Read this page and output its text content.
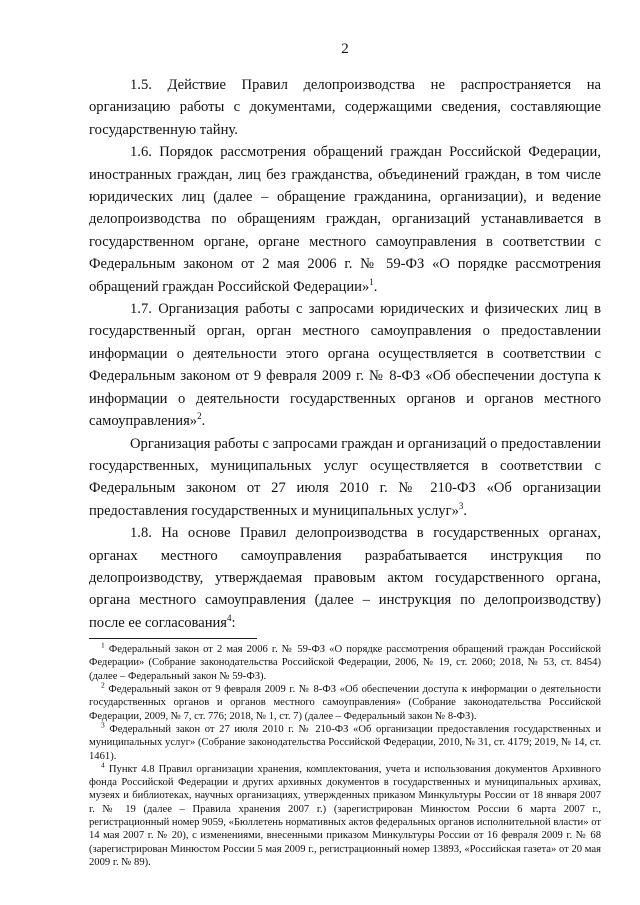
2

1.5. Действие Правил делопроизводства не распространяется на организацию работы с документами, содержащими сведения, составляющие государственную тайну.

1.6. Порядок рассмотрения обращений граждан Российской Федерации, иностранных граждан, лиц без гражданства, объединений граждан, в том числе юридических лиц (далее – обращение гражданина, организации), и ведение делопроизводства по обращениям граждан, организаций устанавливается в государственном органе, органе местного самоуправления в соответствии с Федеральным законом от 2 мая 2006 г. № 59-ФЗ «О порядке рассмотрения обращений граждан Российской Федерации»$^1$.

1.7. Организация работы с запросами юридических и физических лиц в государственный орган, орган местного самоуправления о предоставлении информации о деятельности этого органа осуществляется в соответствии с Федеральным законом от 9 февраля 2009 г. № 8-ФЗ «Об обеспечении доступа к информации о деятельности государственных органов и органов местного самоуправления»$^2$.

Организация работы с запросами граждан и организаций о предоставлении государственных, муниципальных услуг осуществляется в соответствии с Федеральным законом от 27 июля 2010 г. № 210-ФЗ «Об организации предоставления государственных и муниципальных услуг»$^3$.

1.8. На основе Правил делопроизводства в государственных органах, органах местного самоуправления разрабатывается инструкция по делопроизводству, утверждаемая правовым актом государственного органа, органа местного самоуправления (далее – инструкция по делопроизводству) после ее согласования$^4$:

$^1$ Федеральный закон от 2 мая 2006 г. № 59-ФЗ «О порядке рассмотрения обращений граждан Российской Федерации» (Собрание законодательства Российской Федерации, 2006, № 19, ст. 2060; 2018, № 53, ст. 8454) (далее – Федеральный закон № 59-ФЗ).

$^2$ Федеральный закон от 9 февраля 2009 г. № 8-ФЗ «Об обеспечении доступа к информации о деятельности государственных органов и органов местного самоуправления» (Собрание законодательства Российской Федерации, 2009, № 7, ст. 776; 2018, № 1, ст. 7) (далее – Федеральный закон № 8-ФЗ).

$^3$ Федеральный закон от 27 июля 2010 г. № 210-ФЗ «Об организации предоставления государственных и муниципальных услуг» (Собрание законодательства Российской Федерации, 2010, № 31, ст. 4179; 2019, № 14, ст. 1461).

$^4$ Пункт 4.8 Правил организации хранения, комплектования, учета и использования документов Архивного фонда Российской Федерации и других архивных документов в государственных и муниципальных архивах, музеях и библиотеках, научных организациях, утвержденных приказом Минкультуры России от 18 января 2007 г. № 19 (далее – Правила хранения 2007 г.) (зарегистрирован Минюстом России 6 марта 2007 г., регистрационный номер 9059, «Бюллетень нормативных актов федеральных органов исполнительной власти» от 14 мая 2007 г. № 20), с изменениями, внесенными приказом Минкультуры России от 16 февраля 2009 г. № 68 (зарегистрирован Минюстом России 5 мая 2009 г., регистрационный номер 13893, «Российская газета» от 20 мая 2009 г. № 89).
